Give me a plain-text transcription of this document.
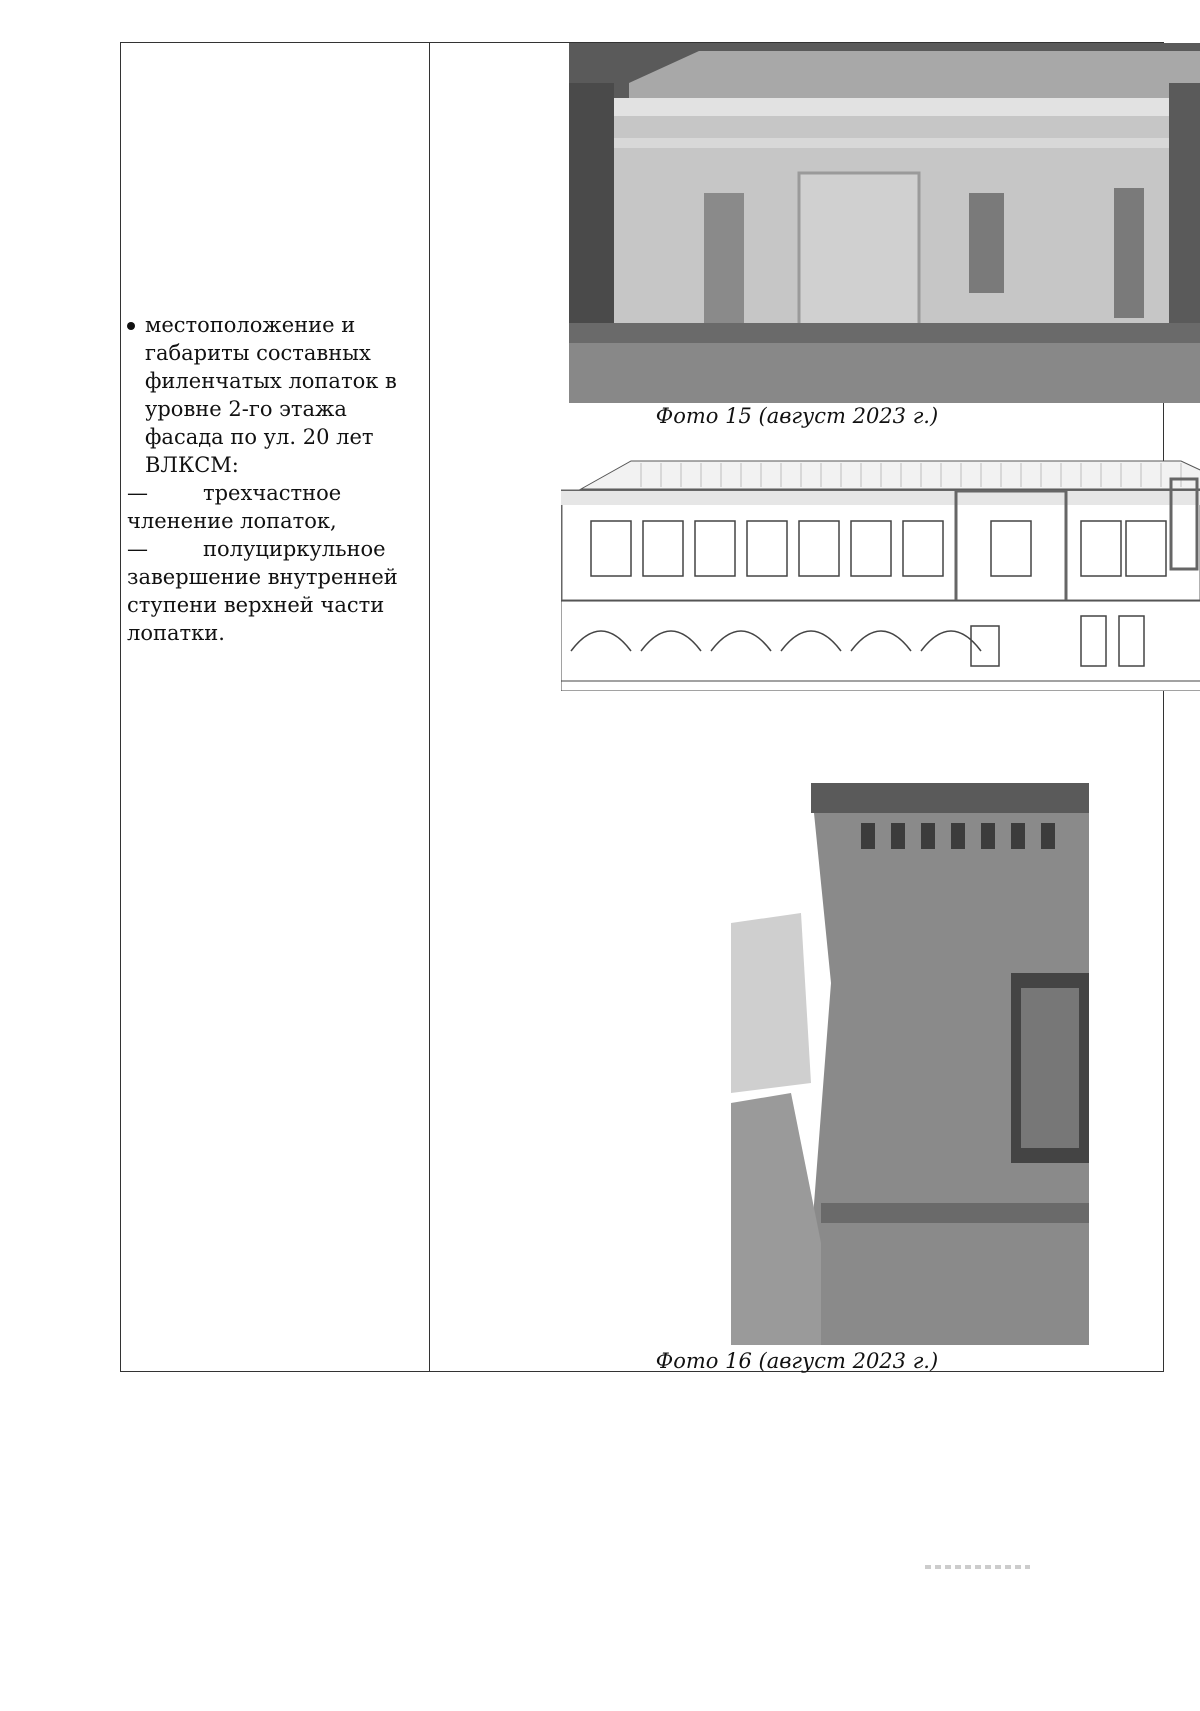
местоположение и
габариты составных
филенчатых лопаток в
уровне 2-го этажа
фасада по ул. 20 лет
ВЛКСМ:
—	трехчастное
членение лопаток,
—	полуциркульное
завершение внутренней
ступени верхней части
лопатки.
Фото 15 (август 2023 г.)
Фото 16 (август 2023 г.)
